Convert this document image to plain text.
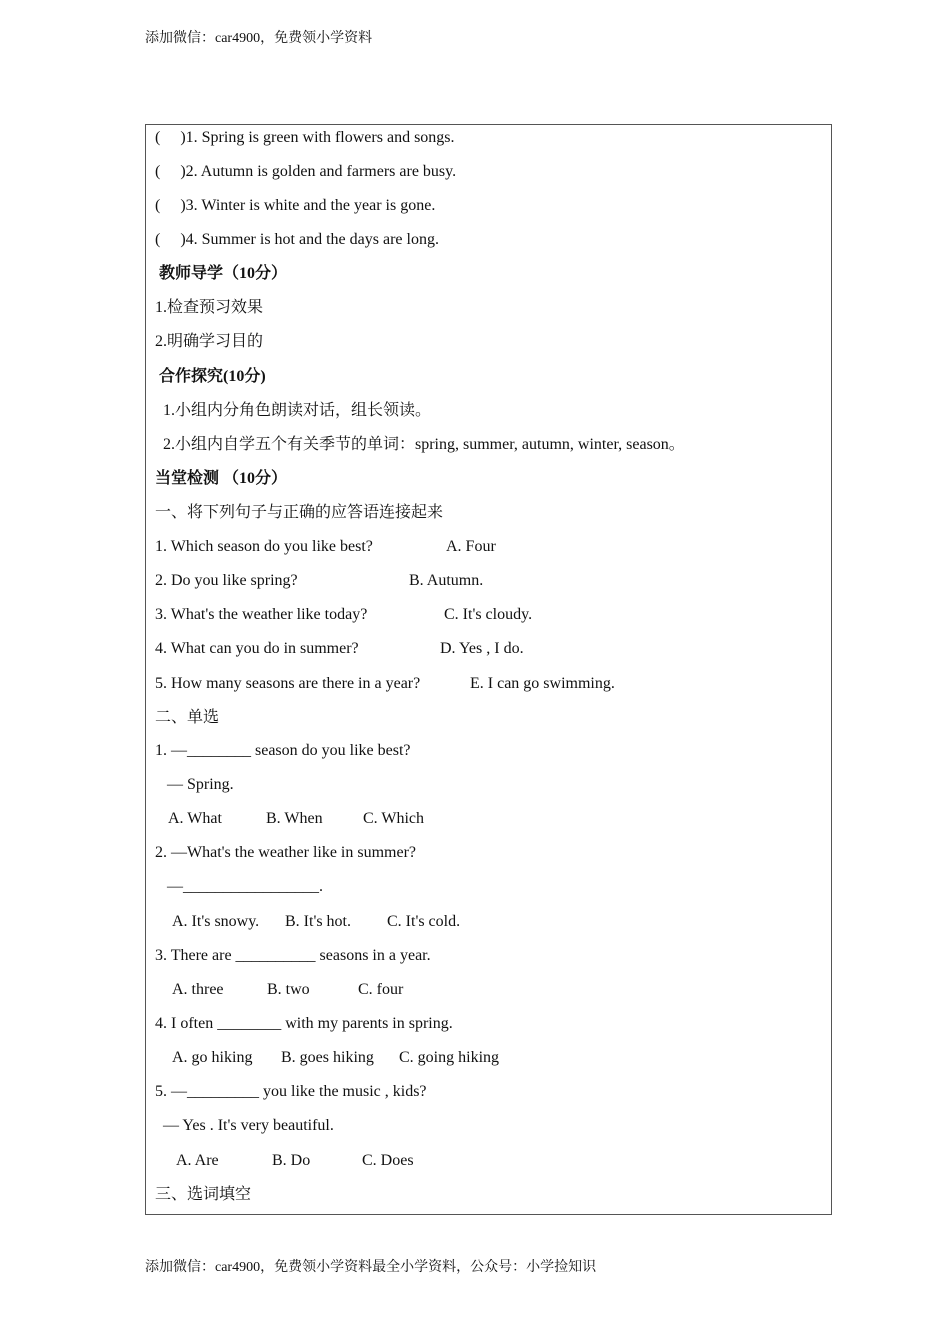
添加微信：car4900，免费领小学资料
(     )1. Spring is green with flowers and songs.
(     )2. Autumn is golden and farmers are busy.
(     )3. Winter is white and the year is gone.
(     )4. Summer is hot and the days are long.
教师导学（10分）
1.检查预习效果
2.明确学习目的
合作探究(10分)
1.小组内分角色朗读对话，组长领读。
2.小组内自学五个有关季节的单词：spring, summer, autumn, winter, season。
当堂检测 （10分）
一、将下列句子与正确的应答语连接起来
1. Which season do you like best?	A. Four
2. Do you like spring?	B. Autumn.
3. What's the weather like today?	C. It's cloudy.
4. What can you do in summer?	D. Yes , I do.
5. How many seasons are there in a year?	E. I can go swimming.
二、单选
1. —________ season do you like best?
— Spring.
A. What	B. When	C. Which
2. —What's the weather like in summer?
—_________________.
A. It's snowy. B. It's hot. C. It's cold.
3. There are __________ seasons in a year.
A. three	B. two	C. four
4. I often ________ with my parents in spring.
A. go hiking B. goes hiking C. going hiking
5. —_________ you like the music , kids?
— Yes . It's very beautiful.
A. Are	B. Do	C. Does
三、选词填空
添加微信：car4900，免费领小学资料最全小学资料，公众号：小学捡知识
